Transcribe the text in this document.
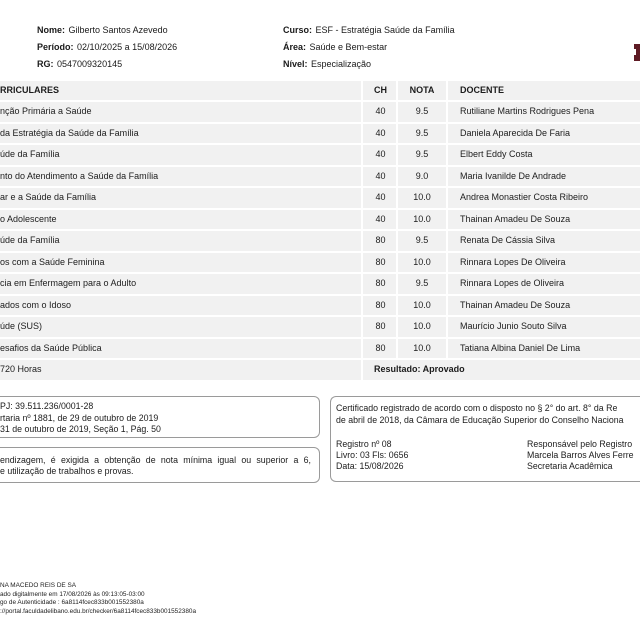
Nome: Gilberto Santos Azevedo
Período: 02/10/2025 a 15/08/2026
RG: 0547009320145
Curso: ESF - Estratégia Saúde da Família
Área: Saúde e Bem-estar
Nível: Especialização
RRICULARES	CH	NOTA	DOCENTE
nção Primária a Saúde	40	9.5	Rutiliane Martins Rodrigues Pena
da Estratégia da Saúde da Família	40	9.5	Daniela Aparecida De Faria
úde da Família	40	9.5	Elbert Eddy Costa
nto do Atendimento a Saúde da Família	40	9.0	Maria Ivanilde De Andrade
ar e a Saúde da Família	40	10.0	Andrea Monastier Costa Ribeiro
o Adolescente	40	10.0	Thainan Amadeu De Souza
úde da Família	80	9.5	Renata De Cássia Silva
os com a Saúde Feminina	80	10.0	Rinnara Lopes De Oliveira
cia em Enfermagem para o Adulto	80	9.5	Rinnara Lopes de Oliveira
ados com o Idoso	80	10.0	Thainan Amadeu De Souza
úde (SUS)	80	10.0	Maurício Junio Souto Silva
esafios da Saúde Pública	80	10.0	Tatiana Albina Daniel De Lima
720 Horas	Resultado: Aprovado
PJ: 39.511.236/0001-28
rtaria nº 1881, de 29 de outubro de 2019
31 de outubro de 2019, Seção 1, Pág. 50
endizagem, é exigida a obtenção de nota mínima igual ou superior a 6,
e utilização de trabalhos e provas.
Certificado registrado de acordo com o disposto no § 2° do art. 8° da Re
de abril de 2018, da Câmara de Educação Superior do Conselho Naciona
Registro nº 08
Livro: 03 Fls: 0656
Data: 15/08/2026
Responsável pelo Registro
Marcela Barros Alves Ferre
Secretaria Acadêmica
NA MACEDO REIS DE SA
ado digitalmente em 17/08/2026 às 09:13:05-03:00
go de Autenticidade : 6a8114fcec833b001552380a
://portal.faculdadelibano.edu.br/checker/6a8114fcec833b001552380a
